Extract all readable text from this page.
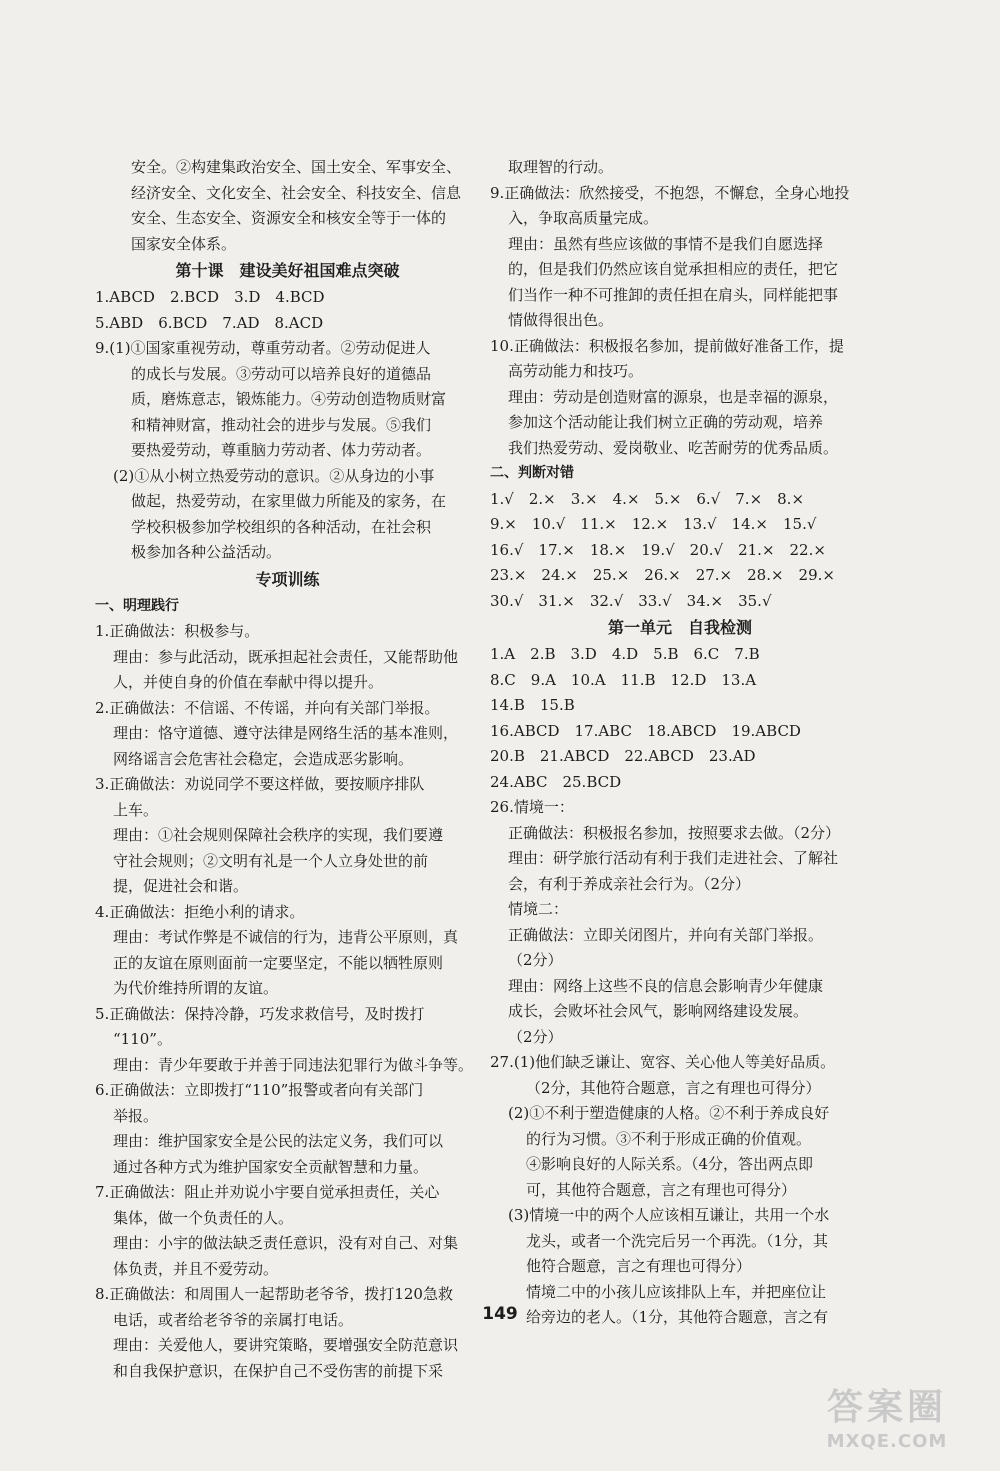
安全。②构建集政治安全、国土安全、军事安全、
经济安全、文化安全、社会安全、科技安全、信息
安全、生态安全、资源安全和核安全等于一体的
国家安全体系。
第十课　建设美好祖国难点突破
1.ABCD　2.BCD　3.D　4.BCD
5.ABD　6.BCD　7.AD　8.ACD
9.(1)①国家重视劳动，尊重劳动者。②劳动促进人
的成长与发展。③劳动可以培养良好的道德品
质，磨炼意志，锻炼能力。④劳动创造物质财富
和精神财富，推动社会的进步与发展。⑤我们
要热爱劳动，尊重脑力劳动者、体力劳动者。
(2)①从小树立热爱劳动的意识。②从身边的小事
做起，热爱劳动，在家里做力所能及的家务，在
学校积极参加学校组织的各种活动，在社会积
极参加各种公益活动。
专项训练
一、明理践行
1.正确做法：积极参与。
理由：参与此活动，既承担起社会责任，又能帮助他
人，并使自身的价值在奉献中得以提升。
2.正确做法：不信谣、不传谣，并向有关部门举报。
理由：恪守道德、遵守法律是网络生活的基本准则，
网络谣言会危害社会稳定，会造成恶劣影响。
3.正确做法：劝说同学不要这样做，要按顺序排队
上车。
理由：①社会规则保障社会秩序的实现，我们要遵
守社会规则；②文明有礼是一个人立身处世的前
提，促进社会和谐。
4.正确做法：拒绝小利的请求。
理由：考试作弊是不诚信的行为，违背公平原则，真
正的友谊在原则面前一定要坚定，不能以牺牲原则
为代价维持所谓的友谊。
5.正确做法：保持冷静，巧发求救信号，及时拨打
“110”。
理由：青少年要敢于并善于同违法犯罪行为做斗争等。
6.正确做法：立即拨打“110”报警或者向有关部门
举报。
理由：维护国家安全是公民的法定义务，我们可以
通过各种方式为维护国家安全贡献智慧和力量。
7.正确做法：阻止并劝说小宇要自觉承担责任，关心
集体，做一个负责任的人。
理由：小宇的做法缺乏责任意识，没有对自己、对集
体负责，并且不爱劳动。
8.正确做法：和周围人一起帮助老爷爷，拨打120急救
电话，或者给老爷爷的亲属打电话。
理由：关爱他人，要讲究策略，要增强安全防范意识
和自我保护意识，在保护自己不受伤害的前提下采
取理智的行动。
9.正确做法：欣然接受，不抱怨，不懈怠，全身心地投
入，争取高质量完成。
理由：虽然有些应该做的事情不是我们自愿选择
的，但是我们仍然应该自觉承担相应的责任，把它
们当作一种不可推卸的责任担在肩头，同样能把事
情做得很出色。
10.正确做法：积极报名参加，提前做好准备工作，提
高劳动能力和技巧。
理由：劳动是创造财富的源泉，也是幸福的源泉，
参加这个活动能让我们树立正确的劳动观，培养
我们热爱劳动、爱岗敬业、吃苦耐劳的优秀品质。
二、判断对错
1.√　2.×　3.×　4.×　5.×　6.√　7.×　8.×
9.×　10.√　11.×　12.×　13.√　14.×　15.√
16.√　17.×　18.×　19.√　20.√　21.×　22.×
23.×　24.×　25.×　26.×　27.×　28.×　29.×
30.√　31.×　32.√　33.√　34.×　35.√
第一单元　自我检测
1.A　2.B　3.D　4.D　5.B　6.C　7.B
8.C　9.A　10.A　11.B　12.D　13.A
14.B　15.B
16.ABCD　17.ABC　18.ABCD　19.ABCD
20.B　21.ABCD　22.ABCD　23.AD
24.ABC　25.BCD
26.情境一：
正确做法：积极报名参加，按照要求去做。（2分）
理由：研学旅行活动有利于我们走进社会、了解社
会，有利于养成亲社会行为。（2分）
情境二：
正确做法：立即关闭图片，并向有关部门举报。
（2分）
理由：网络上这些不良的信息会影响青少年健康
成长，会败坏社会风气，影响网络建设发展。
（2分）
27.(1)他们缺乏谦让、宽容、关心他人等美好品质。
（2分，其他符合题意，言之有理也可得分）
(2)①不利于塑造健康的人格。②不利于养成良好
的行为习惯。③不利于形成正确的价值观。
④影响良好的人际关系。（4分，答出两点即
可，其他符合题意，言之有理也可得分）
(3)情境一中的两个人应该相互谦让，共用一个水
龙头，或者一个洗完后另一个再洗。（1分，其
他符合题意，言之有理也可得分）
情境二中的小孩儿应该排队上车，并把座位让
给旁边的老人。（1分，其他符合题意，言之有
149
答案圈
MXQE.COM
